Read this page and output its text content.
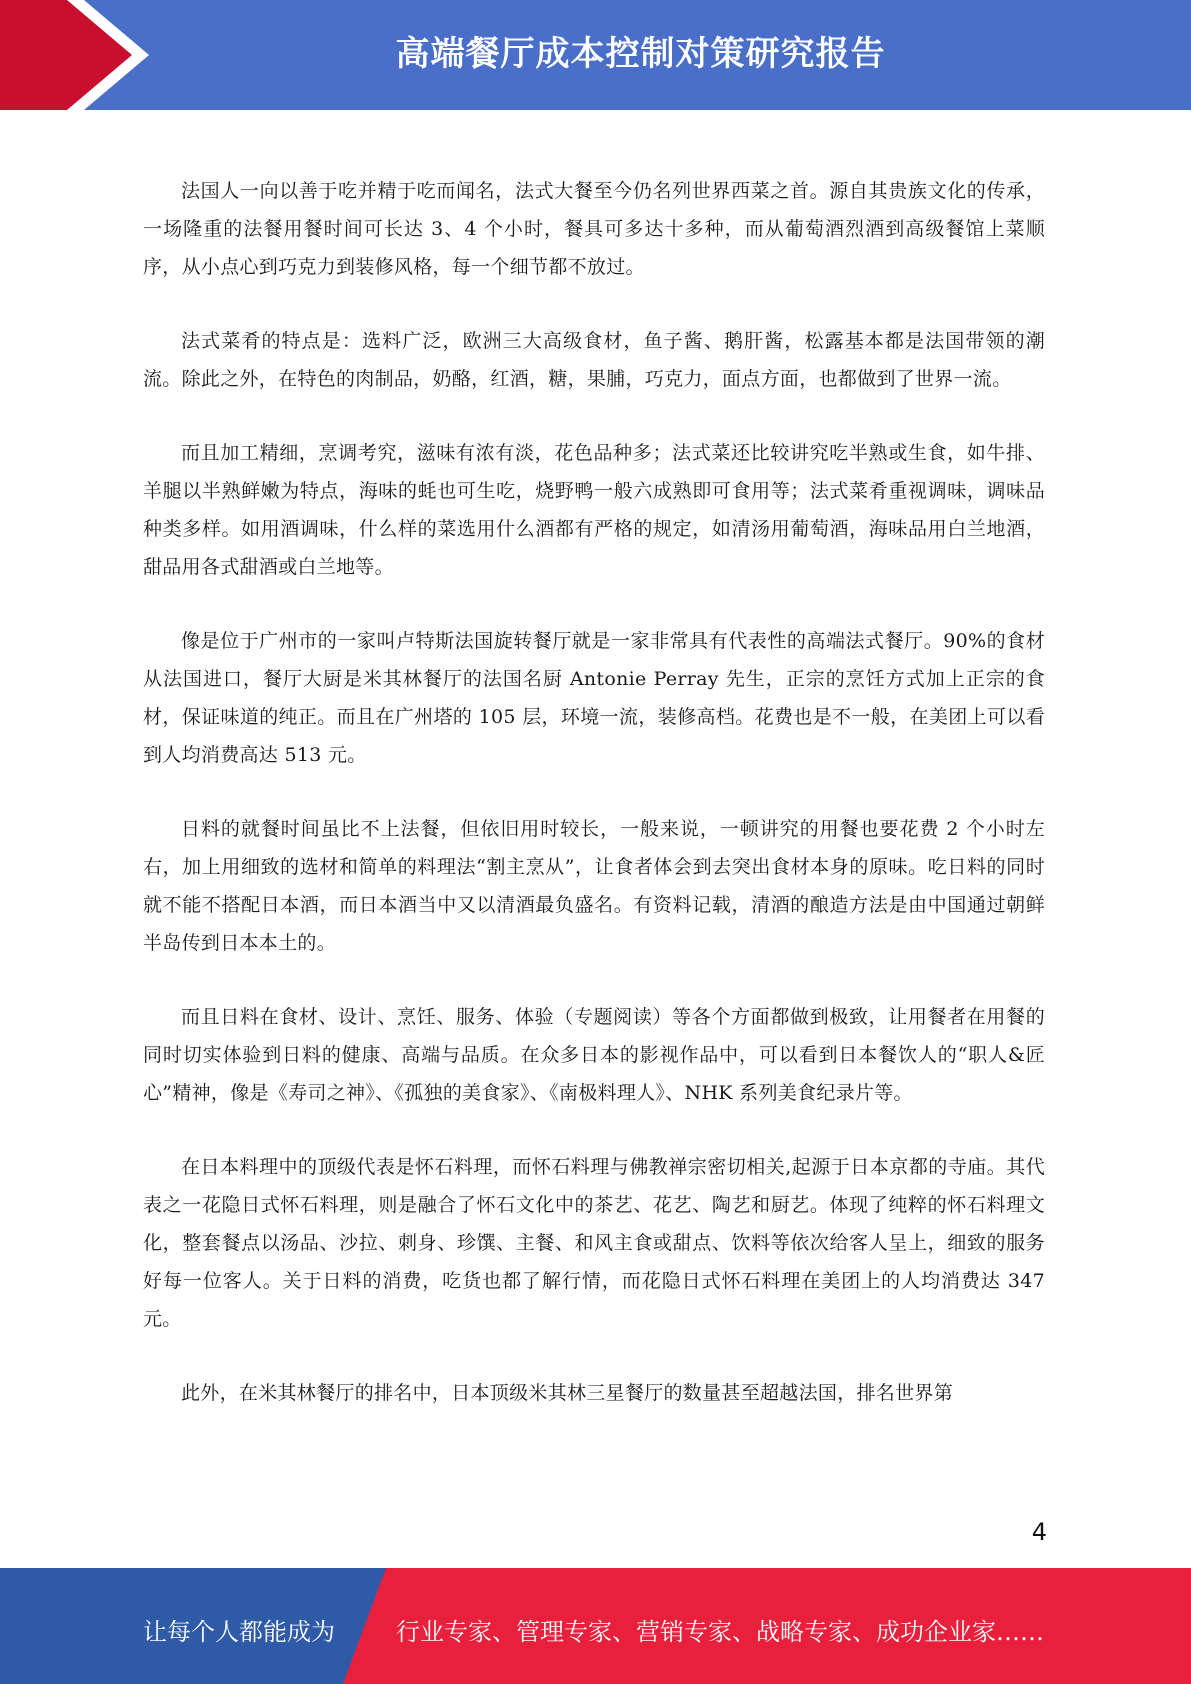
高端餐厅成本控制对策研究报告

法国人一向以善于吃并精于吃而闻名，法式大餐至今仍名列世界西菜之首。源自其贵族文化的传承，一场隆重的法餐用餐时间可长达 3、4 个小时，餐具可多达十多种，而从葡萄酒烈酒到高级餐馆上菜顺序，从小点心到巧克力到装修风格，每一个细节都不放过。

法式菜肴的特点是：选料广泛，欧洲三大高级食材，鱼子酱、鹅肝酱，松露基本都是法国带领的潮流。除此之外，在特色的肉制品，奶酪，红酒，糖，果脯，巧克力，面点方面，也都做到了世界一流。

而且加工精细，烹调考究，滋味有浓有淡，花色品种多；法式菜还比较讲究吃半熟或生食，如牛排、羊腿以半熟鲜嫩为特点，海味的蚝也可生吃，烧野鸭一般六成熟即可食用等；法式菜肴重视调味，调味品种类多样。如用酒调味，什么样的菜选用什么酒都有严格的规定，如清汤用葡萄酒，海味品用白兰地酒，甜品用各式甜酒或白兰地等。

像是位于广州市的一家叫卢特斯法国旋转餐厅就是一家非常具有代表性的高端法式餐厅。90%的食材从法国进口，餐厅大厨是米其林餐厅的法国名厨 Antonie Perray 先生，正宗的烹饪方式加上正宗的食材，保证味道的纯正。而且在广州塔的 105 层，环境一流，装修高档。花费也是不一般，在美团上可以看到人均消费高达 513 元。

日料的就餐时间虽比不上法餐，但依旧用时较长，一般来说，一顿讲究的用餐也要花费 2 个小时左右，加上用细致的选材和简单的料理法“割主烹从”，让食者体会到去突出食材本身的原味。吃日料的同时就不能不搭配日本酒，而日本酒当中又以清酒最负盛名。有资料记载，清酒的酿造方法是由中国通过朝鲜半岛传到日本本土的。

而且日料在食材、设计、烹饪、服务、体验（专题阅读）等各个方面都做到极致，让用餐者在用餐的同时切实体验到日料的健康、高端与品质。在众多日本的影视作品中，可以看到日本餐饮人的“职人&匠心”精神，像是《寿司之神》、《孤独的美食家》、《南极料理人》、NHK 系列美食纪录片等。

在日本料理中的顶级代表是怀石料理，而怀石料理与佛教禅宗密切相关,起源于日本京都的寺庙。其代表之一花隐日式怀石料理，则是融合了怀石文化中的茶艺、花艺、陶艺和厨艺。体现了纯粹的怀石料理文化，整套餐点以汤品、沙拉、刺身、珍馔、主餐、和风主食或甜点、饮料等依次给客人呈上，细致的服务好每一位客人。关于日料的消费，吃货也都了解行情，而花隐日式怀石料理在美团上的人均消费达 347 元。

此外，在米其林餐厅的排名中，日本顶级米其林三星餐厅的数量甚至超越法国，排名世界第

4
让每个人都能成为	行业专家、管理专家、营销专家、战略专家、成功企业家……
